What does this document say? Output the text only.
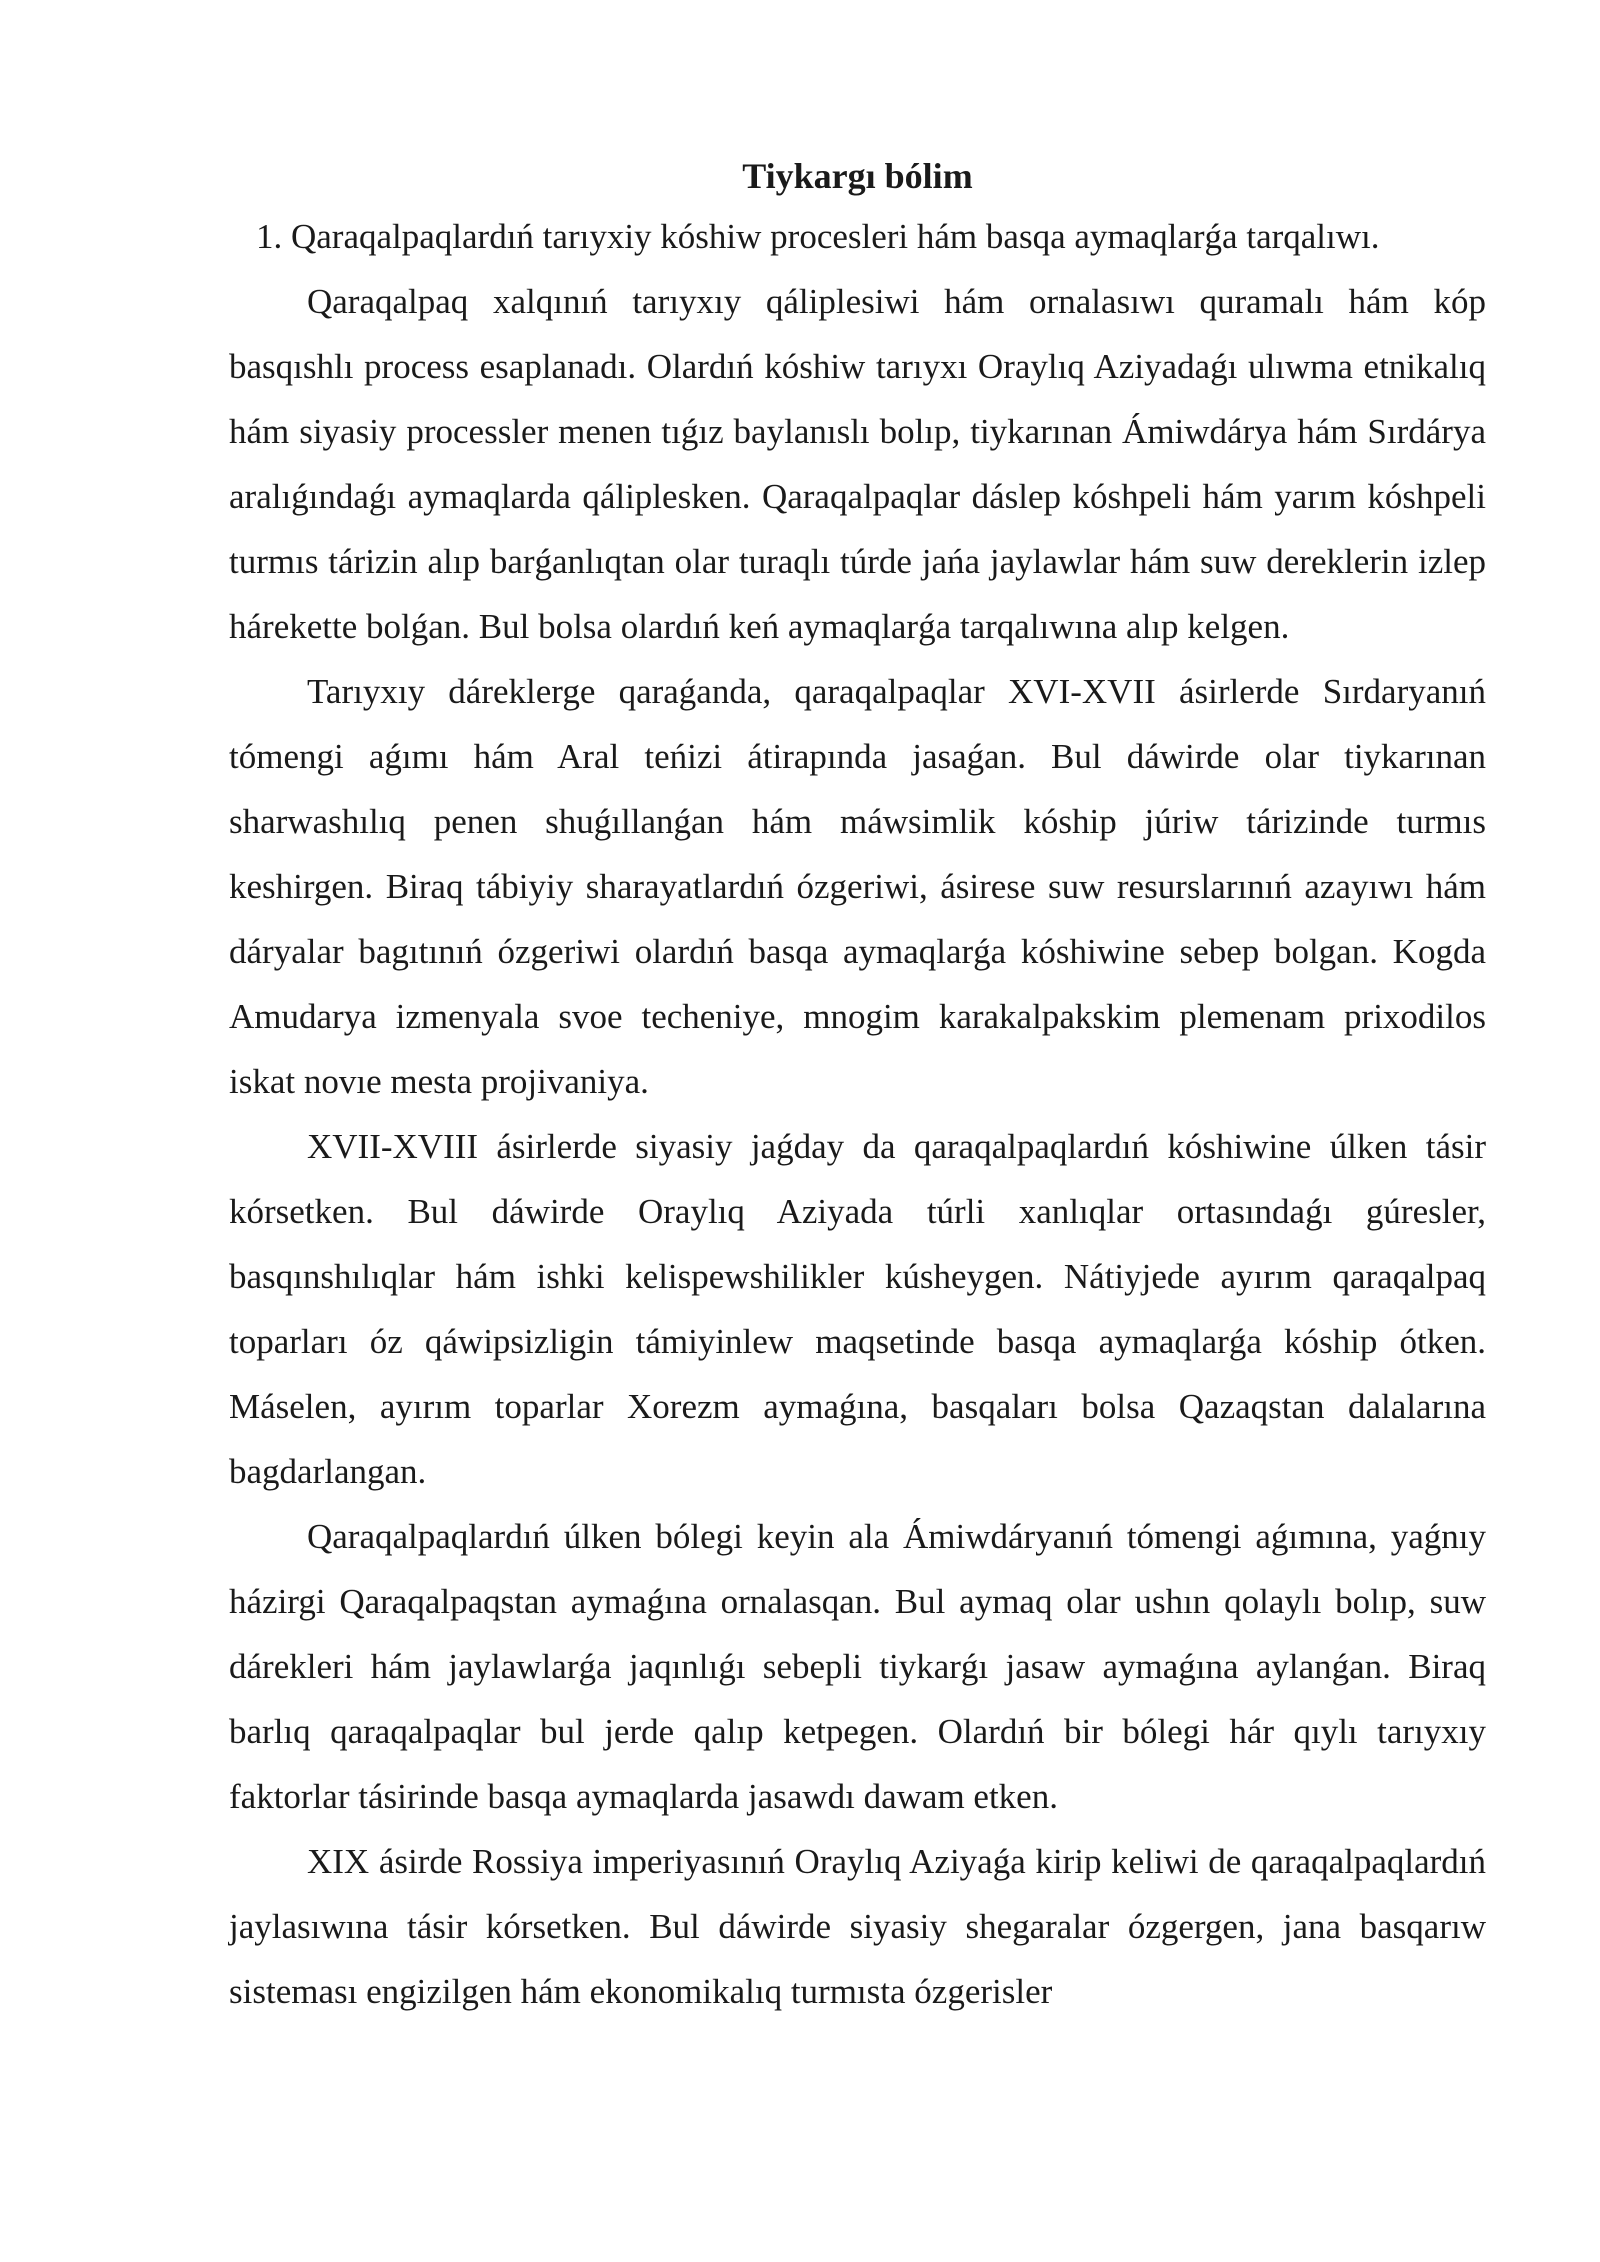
Tiykargı bólim

1. Qaraqalpaqlardıń tarıyxiy kóshiw procesleri hám basqa aymaqlarǵa tarqalıwı.

Qaraqalpaq xalqınıń tarıyxıy qáliplesiwi hám ornalasıwı quramalı hám kóp basqıshlı process esaplanadı. Olardıń kóshiw tarıyxı Oraylıq Aziyadaǵı ulıwma etnikalıq hám siyasiy processler menen tıǵız baylanıslı bolıp, tiykarınan Ámiwdárya hám Sırdárya aralıǵındaǵı aymaqlarda qáliplesken. Qaraqalpaqlar dáslep kóshpeli hám yarım kóshpeli turmıs tárizin alıp barǵanlıqtan olar turaqlı túrde jańa jaylawlar hám suw dereklerin izlep hárekette bolǵan. Bul bolsa olardıń keń aymaqlarǵa tarqalıwına alıp kelgen.

Tarıyxıy dáreklerge qaraǵanda, qaraqalpaqlar XVI-XVII ásirlerde Sırdaryanıń tómengi aǵımı hám Aral teńizi átirapında jasaǵan. Bul dáwirde olar tiykarınan sharwashılıq penen shuǵıllanǵan hám máwsimlik kóship júriw tárizinde turmıs keshirgen. Biraq tábiyiy sharayatlardıń ózgeriwi, ásirese suw resurslarınıń azayıwı hám dáryalar bagıtınıń ózgeriwi olardıń basqa aymaqlarǵa kóshiwine sebep bolgan. Kogda Amudarya izmenyala svoe techeniye, mnogim karakalpakskim plemenam prixodilos iskat novıe mesta projivaniya.

XVII-XVIII ásirlerde siyasiy jaǵday da qaraqalpaqlardıń kóshiwine úlken tásir kórsetken. Bul dáwirde Oraylıq Aziyada túrli xanlıqlar ortasındaǵı gúresler, basqınshılıqlar hám ishki kelispewshilikler kúsheygen. Nátiyjede ayırım qaraqalpaq toparları óz qáwipsizligin támiyinlew maqsetinde basqa aymaqlarǵa kóship ótken. Máselen, ayırım toparlar Xorezm aymaǵına, basqaları bolsa Qazaqstan dalalarına bagdarlangan.

Qaraqalpaqlardıń úlken bólegi keyin ala Ámiwdáryanıń tómengi aǵımına, yaǵnıy házirgi Qaraqalpaqstan aymaǵına ornalasqan. Bul aymaq olar ushın qolaylı bolıp, suw dárekleri hám jaylawlarǵa jaqınlıǵı sebepli tiykarǵı jasaw aymaǵına aylanǵan. Biraq barlıq qaraqalpaqlar bul jerde qalıp ketpegen. Olardıń bir bólegi hár qıylı tarıyxıy faktorlar tásirinde basqa aymaqlarda jasawdı dawam etken.

XIX ásirde Rossiya imperiyasınıń Oraylıq Aziyaǵa kirip keliwi de qaraqalpaqlardıń jaylasıwına tásir kórsetken. Bul dáwirde siyasiy shegaralar ózgergen, jana basqarıw sisteması engizilgen hám ekonomikalıq turmısta ózgerisler
